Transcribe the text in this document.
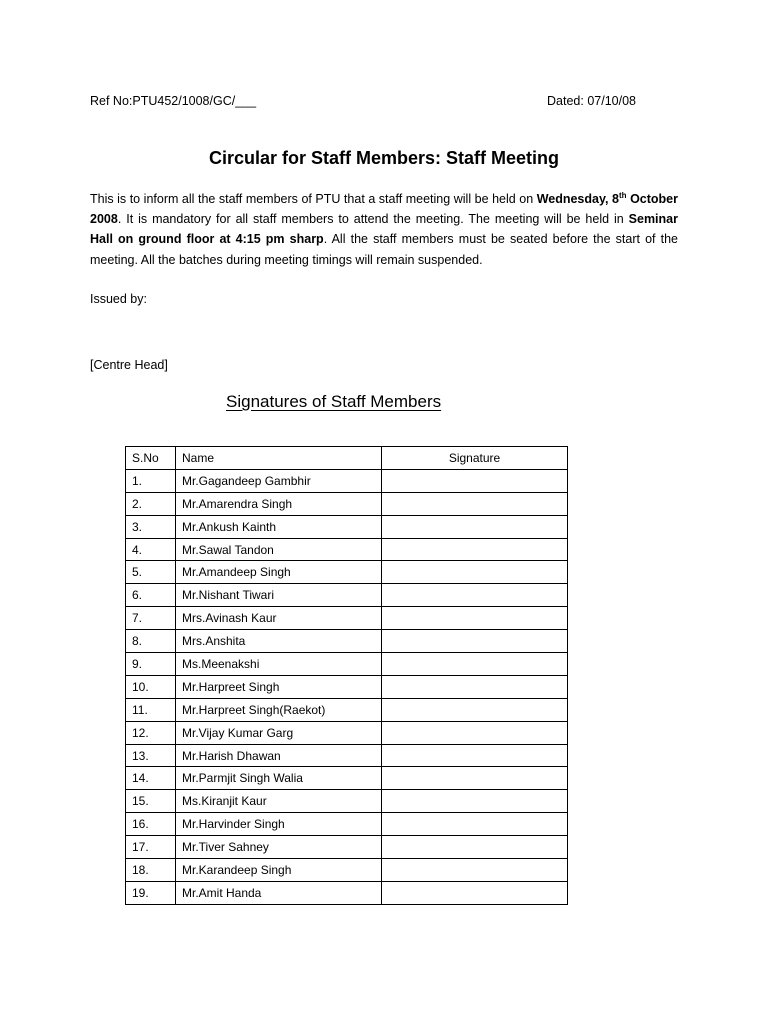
Ref No:PTU452/1008/GC/___	Dated: 07/10/08
Circular for Staff Members: Staff Meeting
This is to inform all the staff members of PTU that a staff meeting will be held on Wednesday, 8th October 2008. It is mandatory for all staff members to attend the meeting. The meeting will be held in Seminar Hall on ground floor at 4:15 pm sharp. All the staff members must be seated before the start of the meeting. All the batches during meeting timings will remain suspended.
Issued by:
[Centre Head]
Signatures of Staff Members
S.No	Name	Signature
1.	Mr.Gagandeep Gambhir	
2.	Mr.Amarendra Singh	
3.	Mr.Ankush Kainth	
4.	Mr.Sawal Tandon	
5.	Mr.Amandeep Singh	
6.	Mr.Nishant Tiwari	
7.	Mrs.Avinash Kaur	
8.	Mrs.Anshita	
9.	Ms.Meenakshi	
10.	Mr.Harpreet Singh	
11.	Mr.Harpreet Singh(Raekot)	
12.	Mr.Vijay Kumar Garg	
13.	Mr.Harish Dhawan	
14.	Mr.Parmjit Singh Walia	
15.	Ms.Kiranjit Kaur	
16.	Mr.Harvinder Singh	
17.	Mr.Tiver Sahney	
18.	Mr.Karandeep Singh	
19.	Mr.Amit Handa	
